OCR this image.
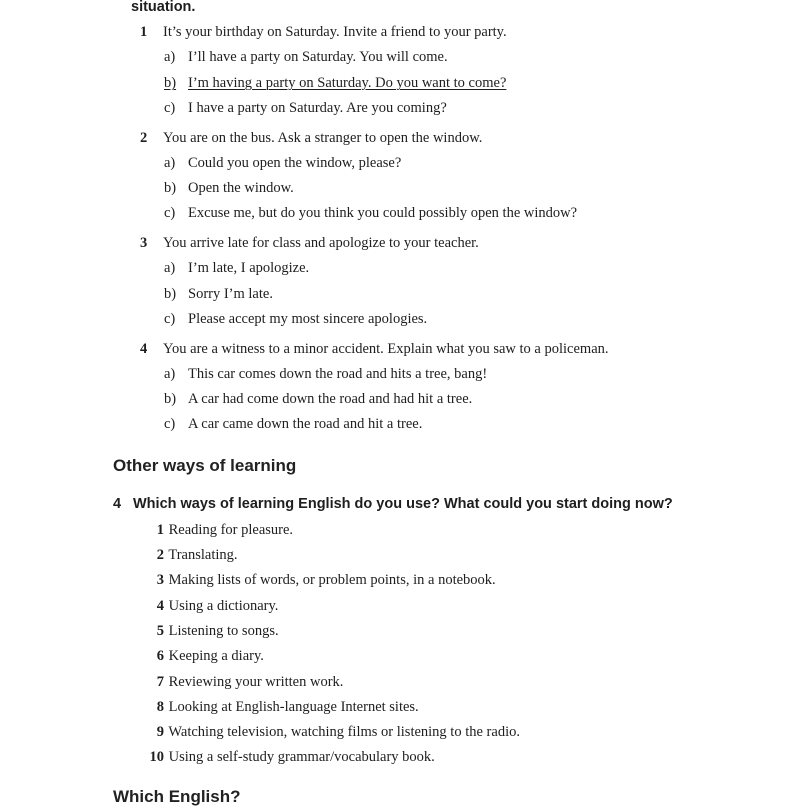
situation.
1 It’s your birthday on Saturday. Invite a friend to your party.
a) I’ll have a party on Saturday. You will come.
b) I’m having a party on Saturday. Do you want to come?
c) I have a party on Saturday. Are you coming?
2 You are on the bus. Ask a stranger to open the window.
a) Could you open the window, please?
b) Open the window.
c) Excuse me, but do you think you could possibly open the window?
3 You arrive late for class and apologize to your teacher.
a) I’m late, I apologize.
b) Sorry I’m late.
c) Please accept my most sincere apologies.
4 You are a witness to a minor accident. Explain what you saw to a policeman.
a) This car comes down the road and hits a tree, bang!
b) A car had come down the road and had hit a tree.
c) A car came down the road and hit a tree.
Other ways of learning
4 Which ways of learning English do you use? What could you start doing now?
1 Reading for pleasure.
2 Translating.
3 Making lists of words, or problem points, in a notebook.
4 Using a dictionary.
5 Listening to songs.
6 Keeping a diary.
7 Reviewing your written work.
8 Looking at English-language Internet sites.
9 Watching television, watching films or listening to the radio.
10 Using a self-study grammar/vocabulary book.
Which English?
